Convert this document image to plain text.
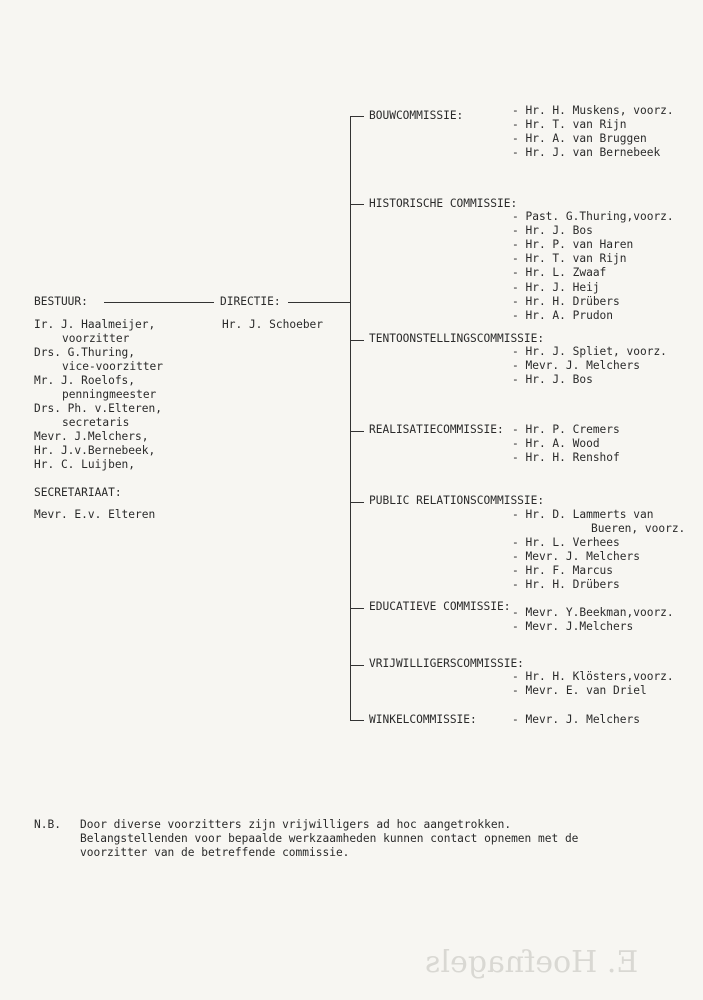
BESTUUR:
Ir. J. Haalmeijer,
voorzitter
Drs. G.Thuring,
vice-voorzitter
Mr. J. Roelofs,
penningmeester
Drs. Ph. v.Elteren,
secretaris
Mevr. J.Melchers,
Hr. J.v.Bernebeek,
Hr. C. Luijben,
SECRETARIAAT:
Mevr. E.v. Elteren
DIRECTIE:
Hr. J. Schoeber
BOUWCOMMISSIE:	- Hr. H. Muskens, voorz.
- Hr. T. van Rijn
- Hr. A. van Bruggen
- Hr. J. van Bernebeek
HISTORISCHE COMMISSIE:
- Past. G.Thuring,voorz.
- Hr. J. Bos
- Hr. P. van Haren
- Hr. T. van Rijn
- Hr. L. Zwaaf
- Hr. J. Heij
- Hr. H. Drübers
- Hr. A. Prudon
TENTOONSTELLINGSCOMMISSIE:
- Hr. J. Spliet, voorz.
- Mevr. J. Melchers
- Hr. J. Bos
REALISATIECOMMISSIE: - Hr. P. Cremers
- Hr. A. Wood
- Hr. H. Renshof
PUBLIC RELATIONSCOMMISSIE:
- Hr. D. Lammerts van
Bueren, voorz.
- Hr. L. Verhees
- Mevr. J. Melchers
- Hr. F. Marcus
- Hr. H. Drübers
EDUCATIEVE COMMISSIE: - Mevr. Y.Beekman,voorz.
- Mevr. J.Melchers
VRIJWILLIGERSCOMMISSIE:
- Hr. H. Klösters,voorz.
- Mevr. E. van Driel
WINKELCOMMISSIE:	- Mevr. J. Melchers
N.B. Door diverse voorzitters zijn vrijwilligers ad hoc aangetrokken.
Belangstellenden voor bepaalde werkzaamheden kunnen contact opnemen met de
voorzitter van de betreffende commissie.
E. Hoefnagels
